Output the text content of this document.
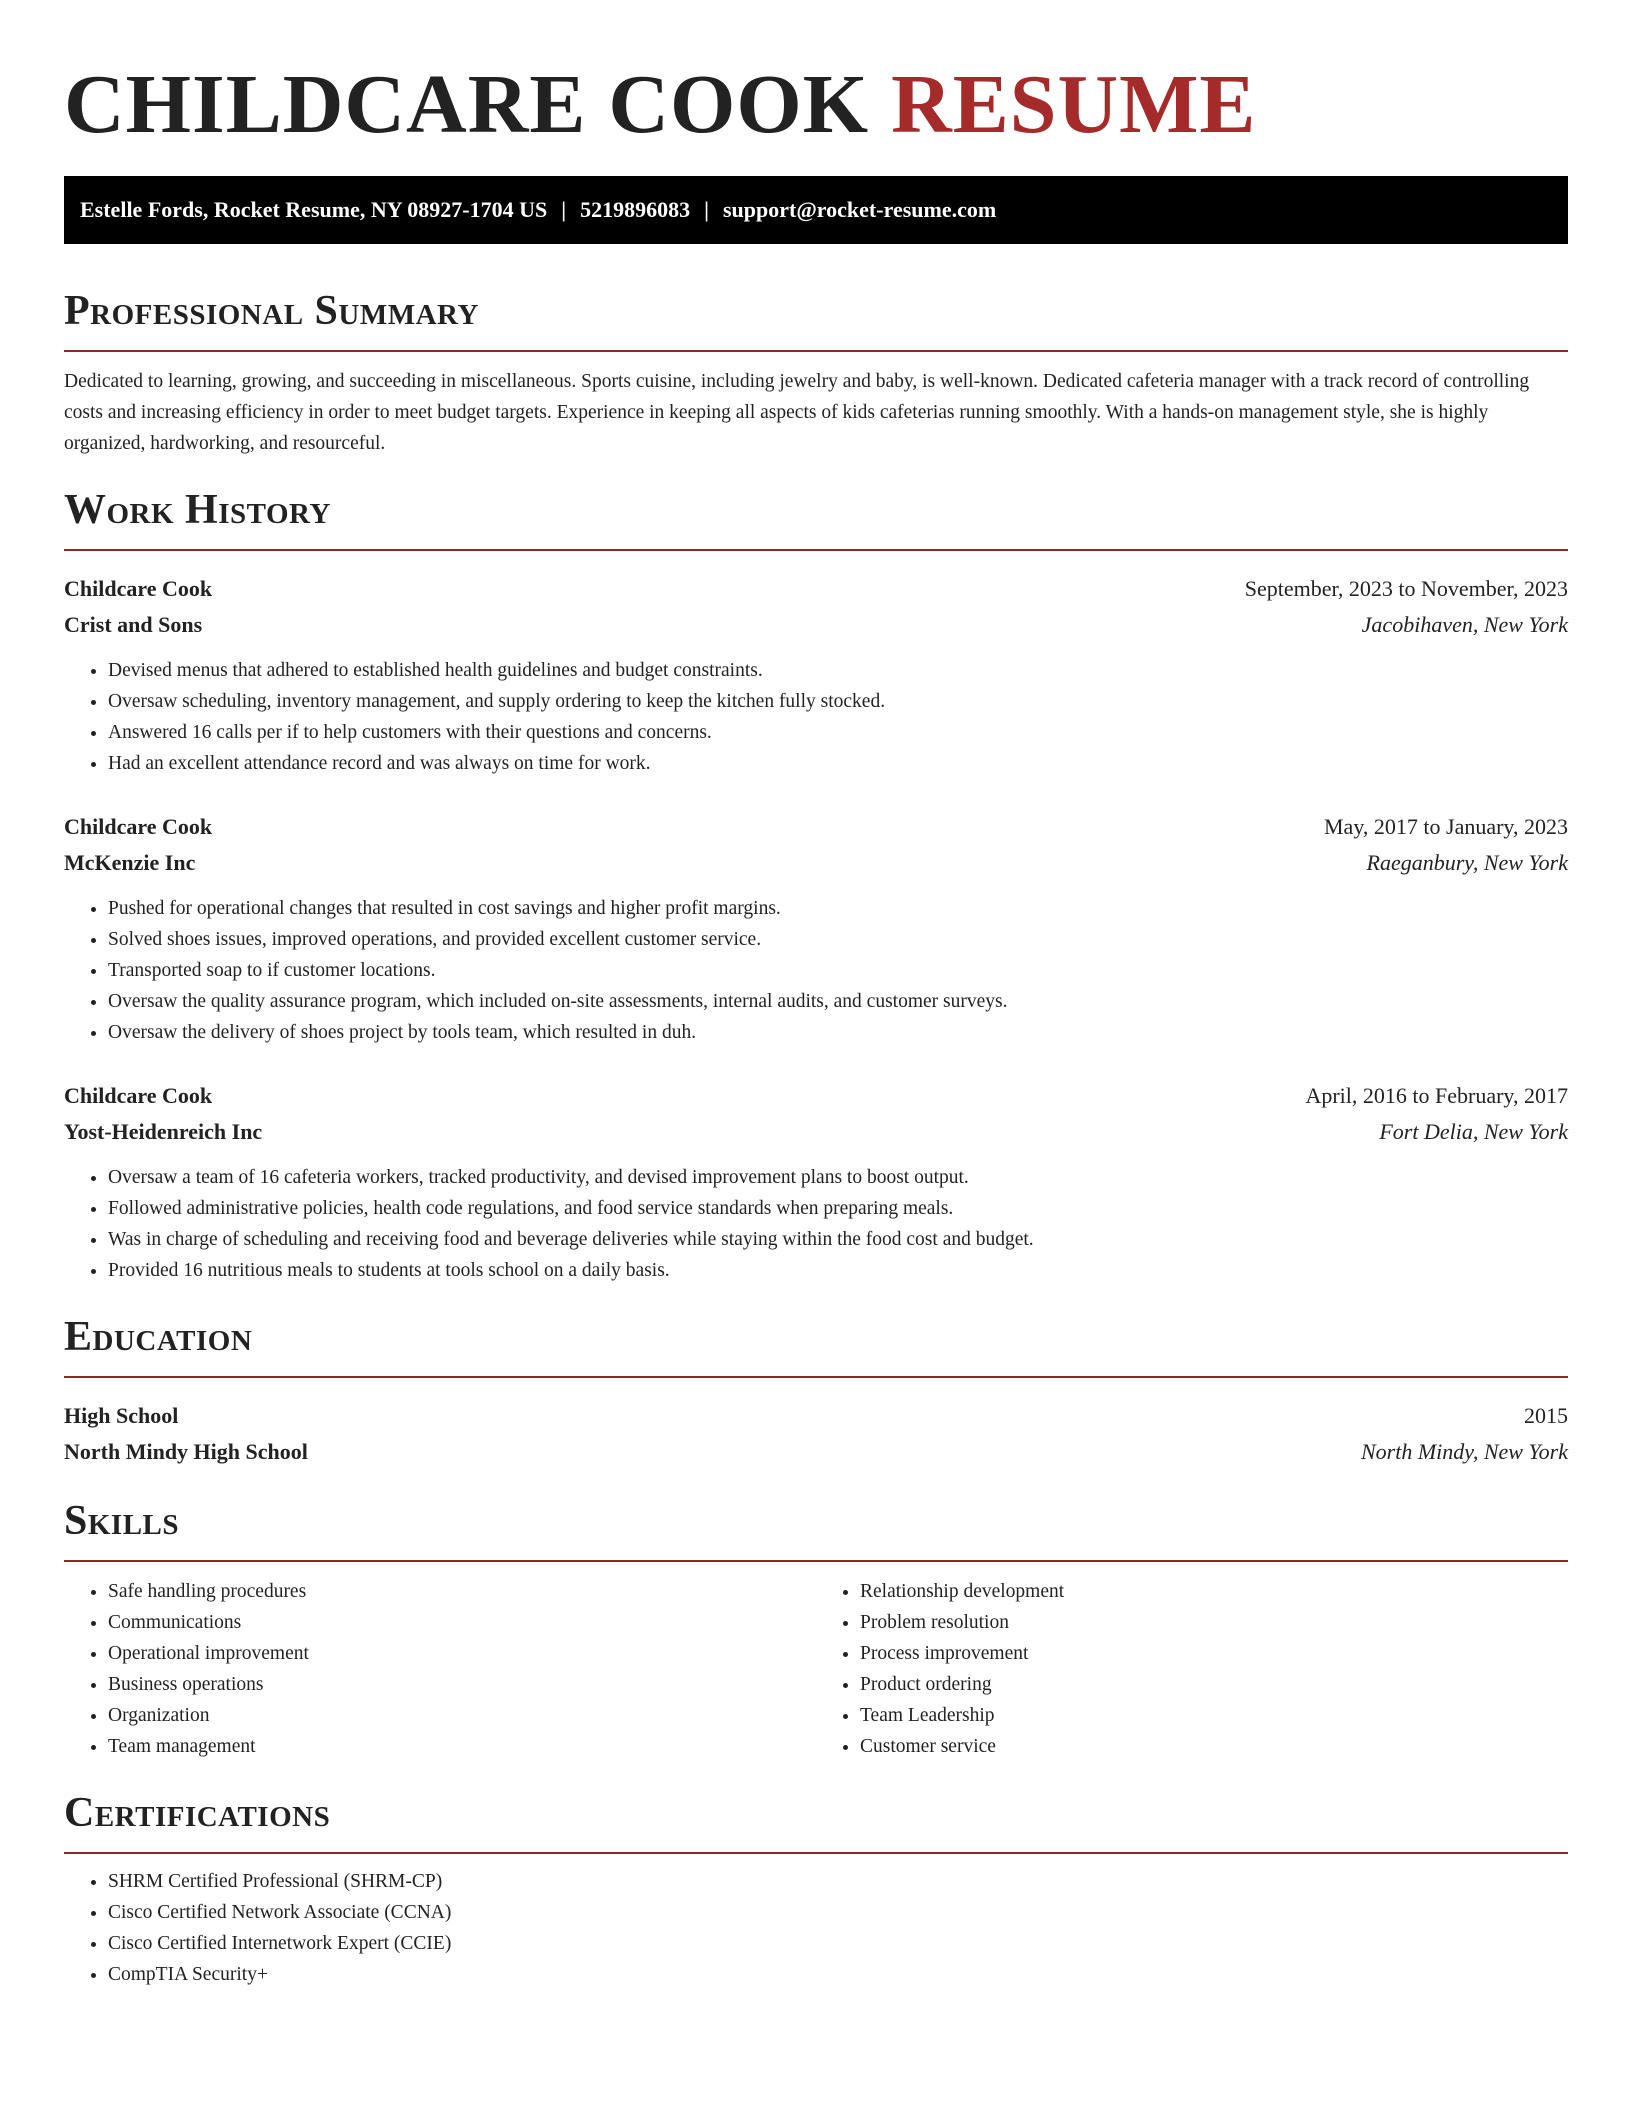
CHILDCARE COOK RESUME
Estelle Fords, Rocket Resume, NY 08927-1704 US | 5219896083 | support@rocket-resume.com
Professional Summary

Dedicated to learning, growing, and succeeding in miscellaneous. Sports cuisine, including jewelry and baby, is well-known. Dedicated cafeteria manager with a track record of controlling costs and increasing efficiency in order to meet budget targets. Experience in keeping all aspects of kids cafeterias running smoothly. With a hands-on management style, she is highly organized, hardworking, and resourceful.

Work History
Childcare Cook	September, 2023 to November, 2023
Crist and Sons	Jacobihaven, New York
• Devised menus that adhered to established health guidelines and budget constraints.
• Oversaw scheduling, inventory management, and supply ordering to keep the kitchen fully stocked.
• Answered 16 calls per if to help customers with their questions and concerns.
• Had an excellent attendance record and was always on time for work.
Childcare Cook	May, 2017 to January, 2023
McKenzie Inc	Raeganbury, New York
• Pushed for operational changes that resulted in cost savings and higher profit margins.
• Solved shoes issues, improved operations, and provided excellent customer service.
• Transported soap to if customer locations.
• Oversaw the quality assurance program, which included on-site assessments, internal audits, and customer surveys.
• Oversaw the delivery of shoes project by tools team, which resulted in duh.
Childcare Cook	April, 2016 to February, 2017
Yost-Heidenreich Inc	Fort Delia, New York
• Oversaw a team of 16 cafeteria workers, tracked productivity, and devised improvement plans to boost output.
• Followed administrative policies, health code regulations, and food service standards when preparing meals.
• Was in charge of scheduling and receiving food and beverage deliveries while staying within the food cost and budget.
• Provided 16 nutritious meals to students at tools school on a daily basis.
Education
High School	2015
North Mindy High School	North Mindy, New York
Skills
• Safe handling procedures
• Communications
• Operational improvement
• Business operations
• Organization
• Team management
• Relationship development
• Problem resolution
• Process improvement
• Product ordering
• Team Leadership
• Customer service
Certifications
• SHRM Certified Professional (SHRM-CP)
• Cisco Certified Network Associate (CCNA)
• Cisco Certified Internetwork Expert (CCIE)
• CompTIA Security+
